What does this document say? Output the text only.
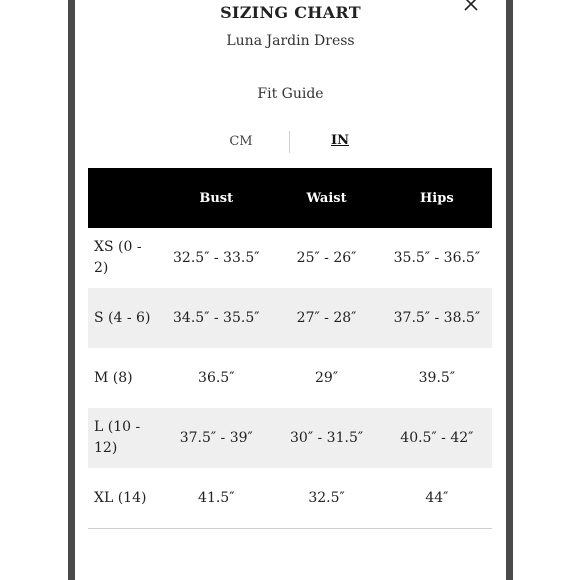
SIZING CHART
Luna Jardin Dress
Fit Guide
CM	IN
	Bust	Waist	Hips
XS (0 - 2)	32.5″ - 33.5″	25″ - 26″	35.5″ - 36.5″
S (4 - 6)	34.5″ - 35.5″	27″ - 28″	37.5″ - 38.5″
M (8)	36.5″	29″	39.5″
L (10 - 12)	37.5″ - 39″	30″ - 31.5″	40.5″ - 42″
XL (14)	41.5″	32.5″	44″
